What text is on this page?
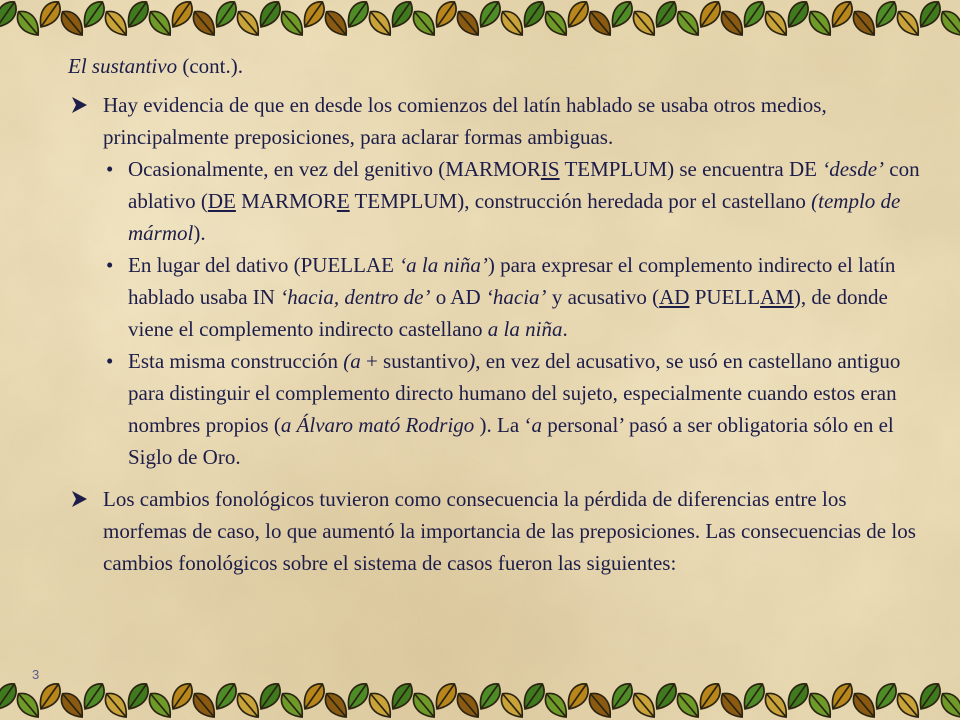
El sustantivo (cont.).

Hay evidencia de que en desde los comienzos del latín hablado se usaba otros medios, principalmente preposiciones, para aclarar formas ambiguas.
• Ocasionalmente, en vez del genitivo (MARMORIS TEMPLUM) se encuentra DE ‘desde’ con ablativo (DE MARMORE TEMPLUM), construcción heredada por el castellano (templo de mármol).
• En lugar del dativo (PUELLAE ‘a la niña’) para expresar el complemento indirecto el latín hablado usaba IN ‘hacia, dentro de’ o AD ‘hacia’ y acusativo (AD PUELLAM), de donde viene el complemento indirecto castellano a la niña.
• Esta misma construcción (a + sustantivo), en vez del acusativo, se usó en castellano antiguo para distinguir el complemento directo humano del sujeto, especialmente cuando estos eran nombres propios (a Álvaro mató Rodrigo ). La ‘a personal’ pasó a ser obligatoria sólo en el Siglo de Oro.
Los cambios fonológicos tuvieron como consecuencia la pérdida de diferencias entre los morfemas de caso, lo que aumentó la importancia de las preposiciones. Las consecuencias de los cambios fonológicos sobre el sistema de casos fueron las siguientes:
3
